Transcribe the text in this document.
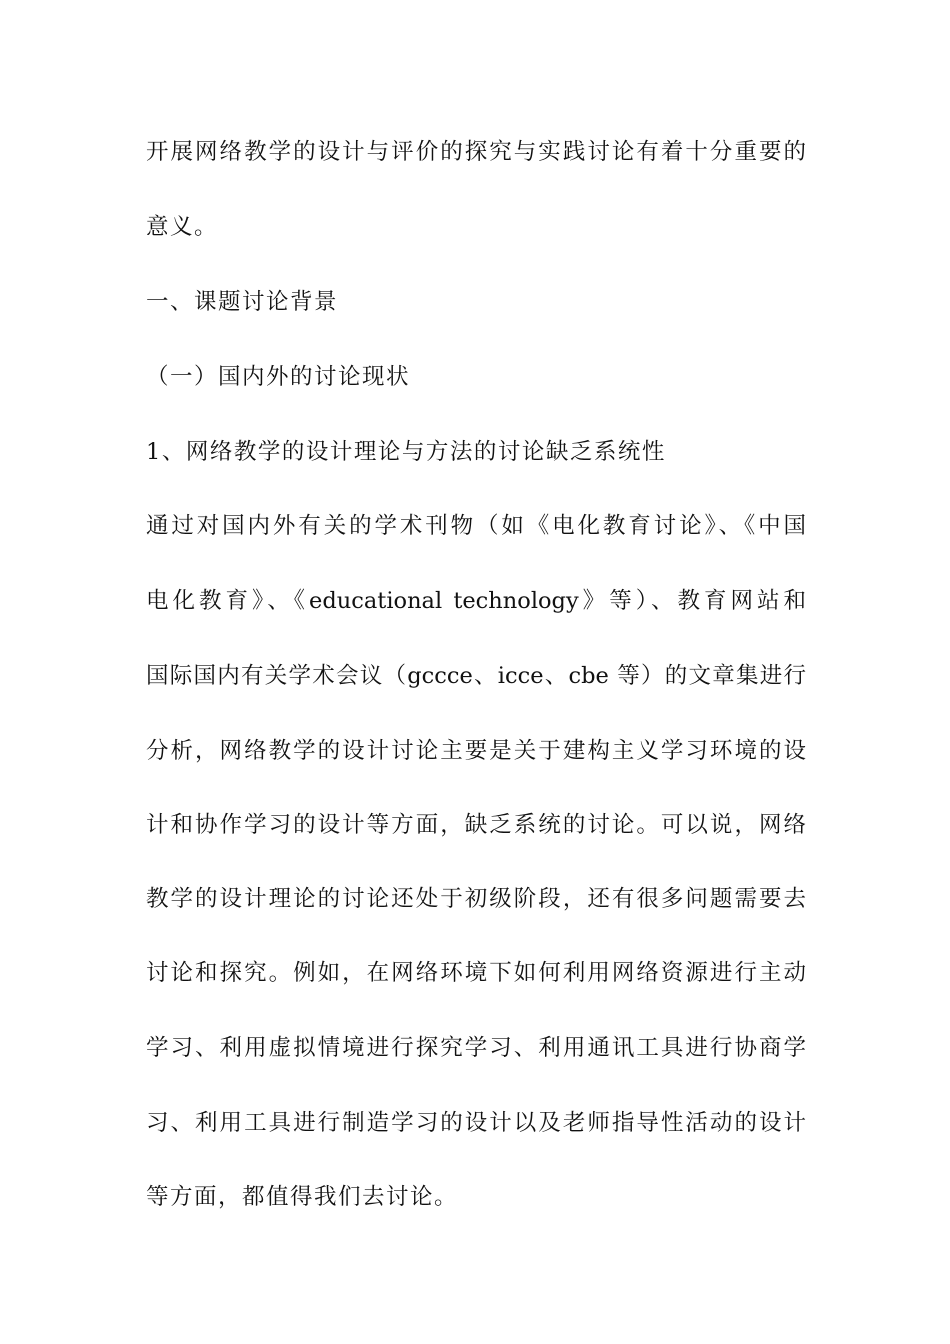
开展网络教学的设计与评价的探究与实践讨论有着十分重要的
意义。
一、课题讨论背景
（一）国内外的讨论现状
1、网络教学的设计理论与方法的讨论缺乏系统性
通过对国内外有关的学术刊物（如《电化教育讨论》、《中国
电化教育》、《educational technology》等）、教育网站和
国际国内有关学术会议（gccce、icce、cbe 等）的文章集进行
分析，网络教学的设计讨论主要是关于建构主义学习环境的设
计和协作学习的设计等方面，缺乏系统的讨论。可以说，网络
教学的设计理论的讨论还处于初级阶段，还有很多问题需要去
讨论和探究。例如，在网络环境下如何利用网络资源进行主动
学习、利用虚拟情境进行探究学习、利用通讯工具进行协商学
习、利用工具进行制造学习的设计以及老师指导性活动的设计
等方面，都值得我们去讨论。
